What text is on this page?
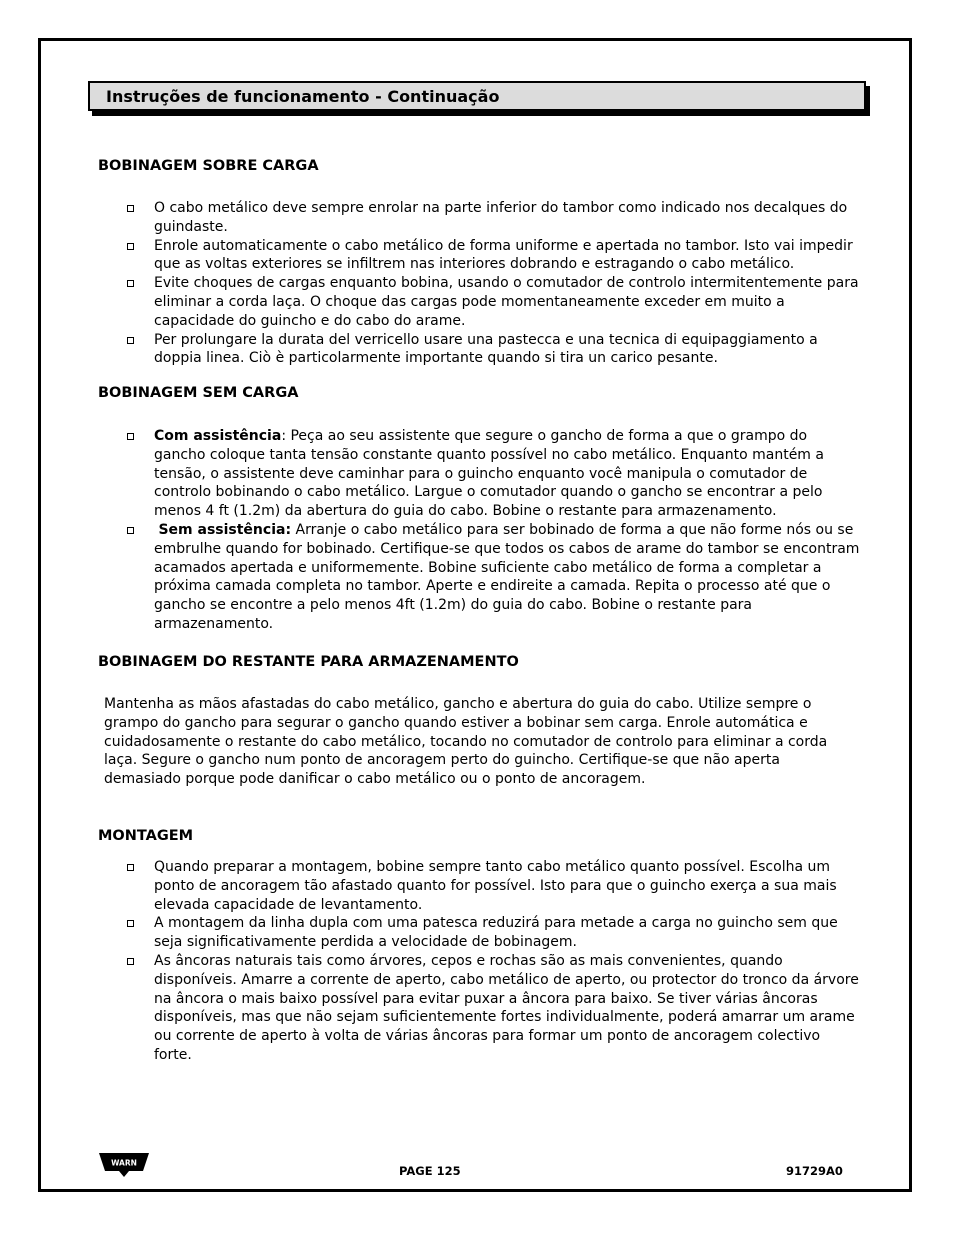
Instruções de funcionamento - Continuação
BOBINAGEM SOBRE CARGA
O cabo metálico deve sempre enrolar na parte inferior do tambor como indicado nos decalques do guindaste.
Enrole automaticamente o cabo metálico de forma uniforme e apertada no tambor. Isto vai impedir que as voltas exteriores se infiltrem nas interiores dobrando e estragando o cabo metálico.
Evite choques de cargas enquanto bobina, usando o comutador de controlo intermitentemente para eliminar a corda laça. O choque das cargas pode momentaneamente exceder em muito a capacidade do guincho e do cabo do arame.
Per prolungare la durata del verricello usare una pastecca e una tecnica di equipaggiamento a doppia linea. Ciò è particolarmente importante quando si tira un carico pesante.
BOBINAGEM SEM CARGA
Com assistência: Peça ao seu assistente que segure o gancho de forma a que o grampo do gancho coloque tanta tensão constante quanto possível no cabo metálico. Enquanto mantém a tensão, o assistente deve caminhar para o guincho enquanto você manipula o comutador de controlo bobinando o cabo metálico. Largue o comutador quando o gancho se encontrar a pelo menos 4 ft (1.2m) da abertura do guia do cabo. Bobine o restante para armazenamento.
Sem assistência: Arranje o cabo metálico para ser bobinado de forma a que não forme nós ou se embrulhe quando for bobinado. Certifique-se que todos os cabos de arame do tambor se encontram acamados apertada e uniformemente. Bobine suficiente cabo metálico de forma a completar a próxima camada completa no tambor. Aperte e endireite a camada. Repita o processo até que o gancho se encontre a pelo menos 4ft (1.2m) do guia do cabo. Bobine o restante para armazenamento.
BOBINAGEM DO RESTANTE PARA ARMAZENAMENTO

Mantenha as mãos afastadas do cabo metálico, gancho e abertura do guia do cabo. Utilize sempre o grampo do gancho para segurar o gancho quando estiver a bobinar sem carga. Enrole automática e cuidadosamente o restante do cabo metálico, tocando no comutador de controlo para eliminar a corda laça. Segure o gancho num ponto de ancoragem perto do guincho. Certifique-se que não aperta demasiado porque pode danificar o cabo metálico ou o ponto de ancoragem.

MONTAGEM
Quando preparar a montagem, bobine sempre tanto cabo metálico quanto possível. Escolha um ponto de ancoragem tão afastado quanto for possível. Isto para que o guincho exerça a sua mais elevada capacidade de levantamento.
A montagem da linha dupla com uma patesca reduzirá para metade a carga no guincho sem que seja significativamente perdida a velocidade de bobinagem.
As âncoras naturais tais como árvores, cepos e rochas são as mais convenientes, quando disponíveis. Amarre a corrente de aperto, cabo metálico de aperto, ou protector do tronco da árvore na âncora o mais baixo possível para evitar puxar a âncora para baixo. Se tiver várias âncoras disponíveis, mas que não sejam suficientemente fortes individualmente, poderá amarrar um arame ou corrente de aperto à volta de várias âncoras para formar um ponto de ancoragem colectivo forte.
WARN
PAGE 125	91729A0
